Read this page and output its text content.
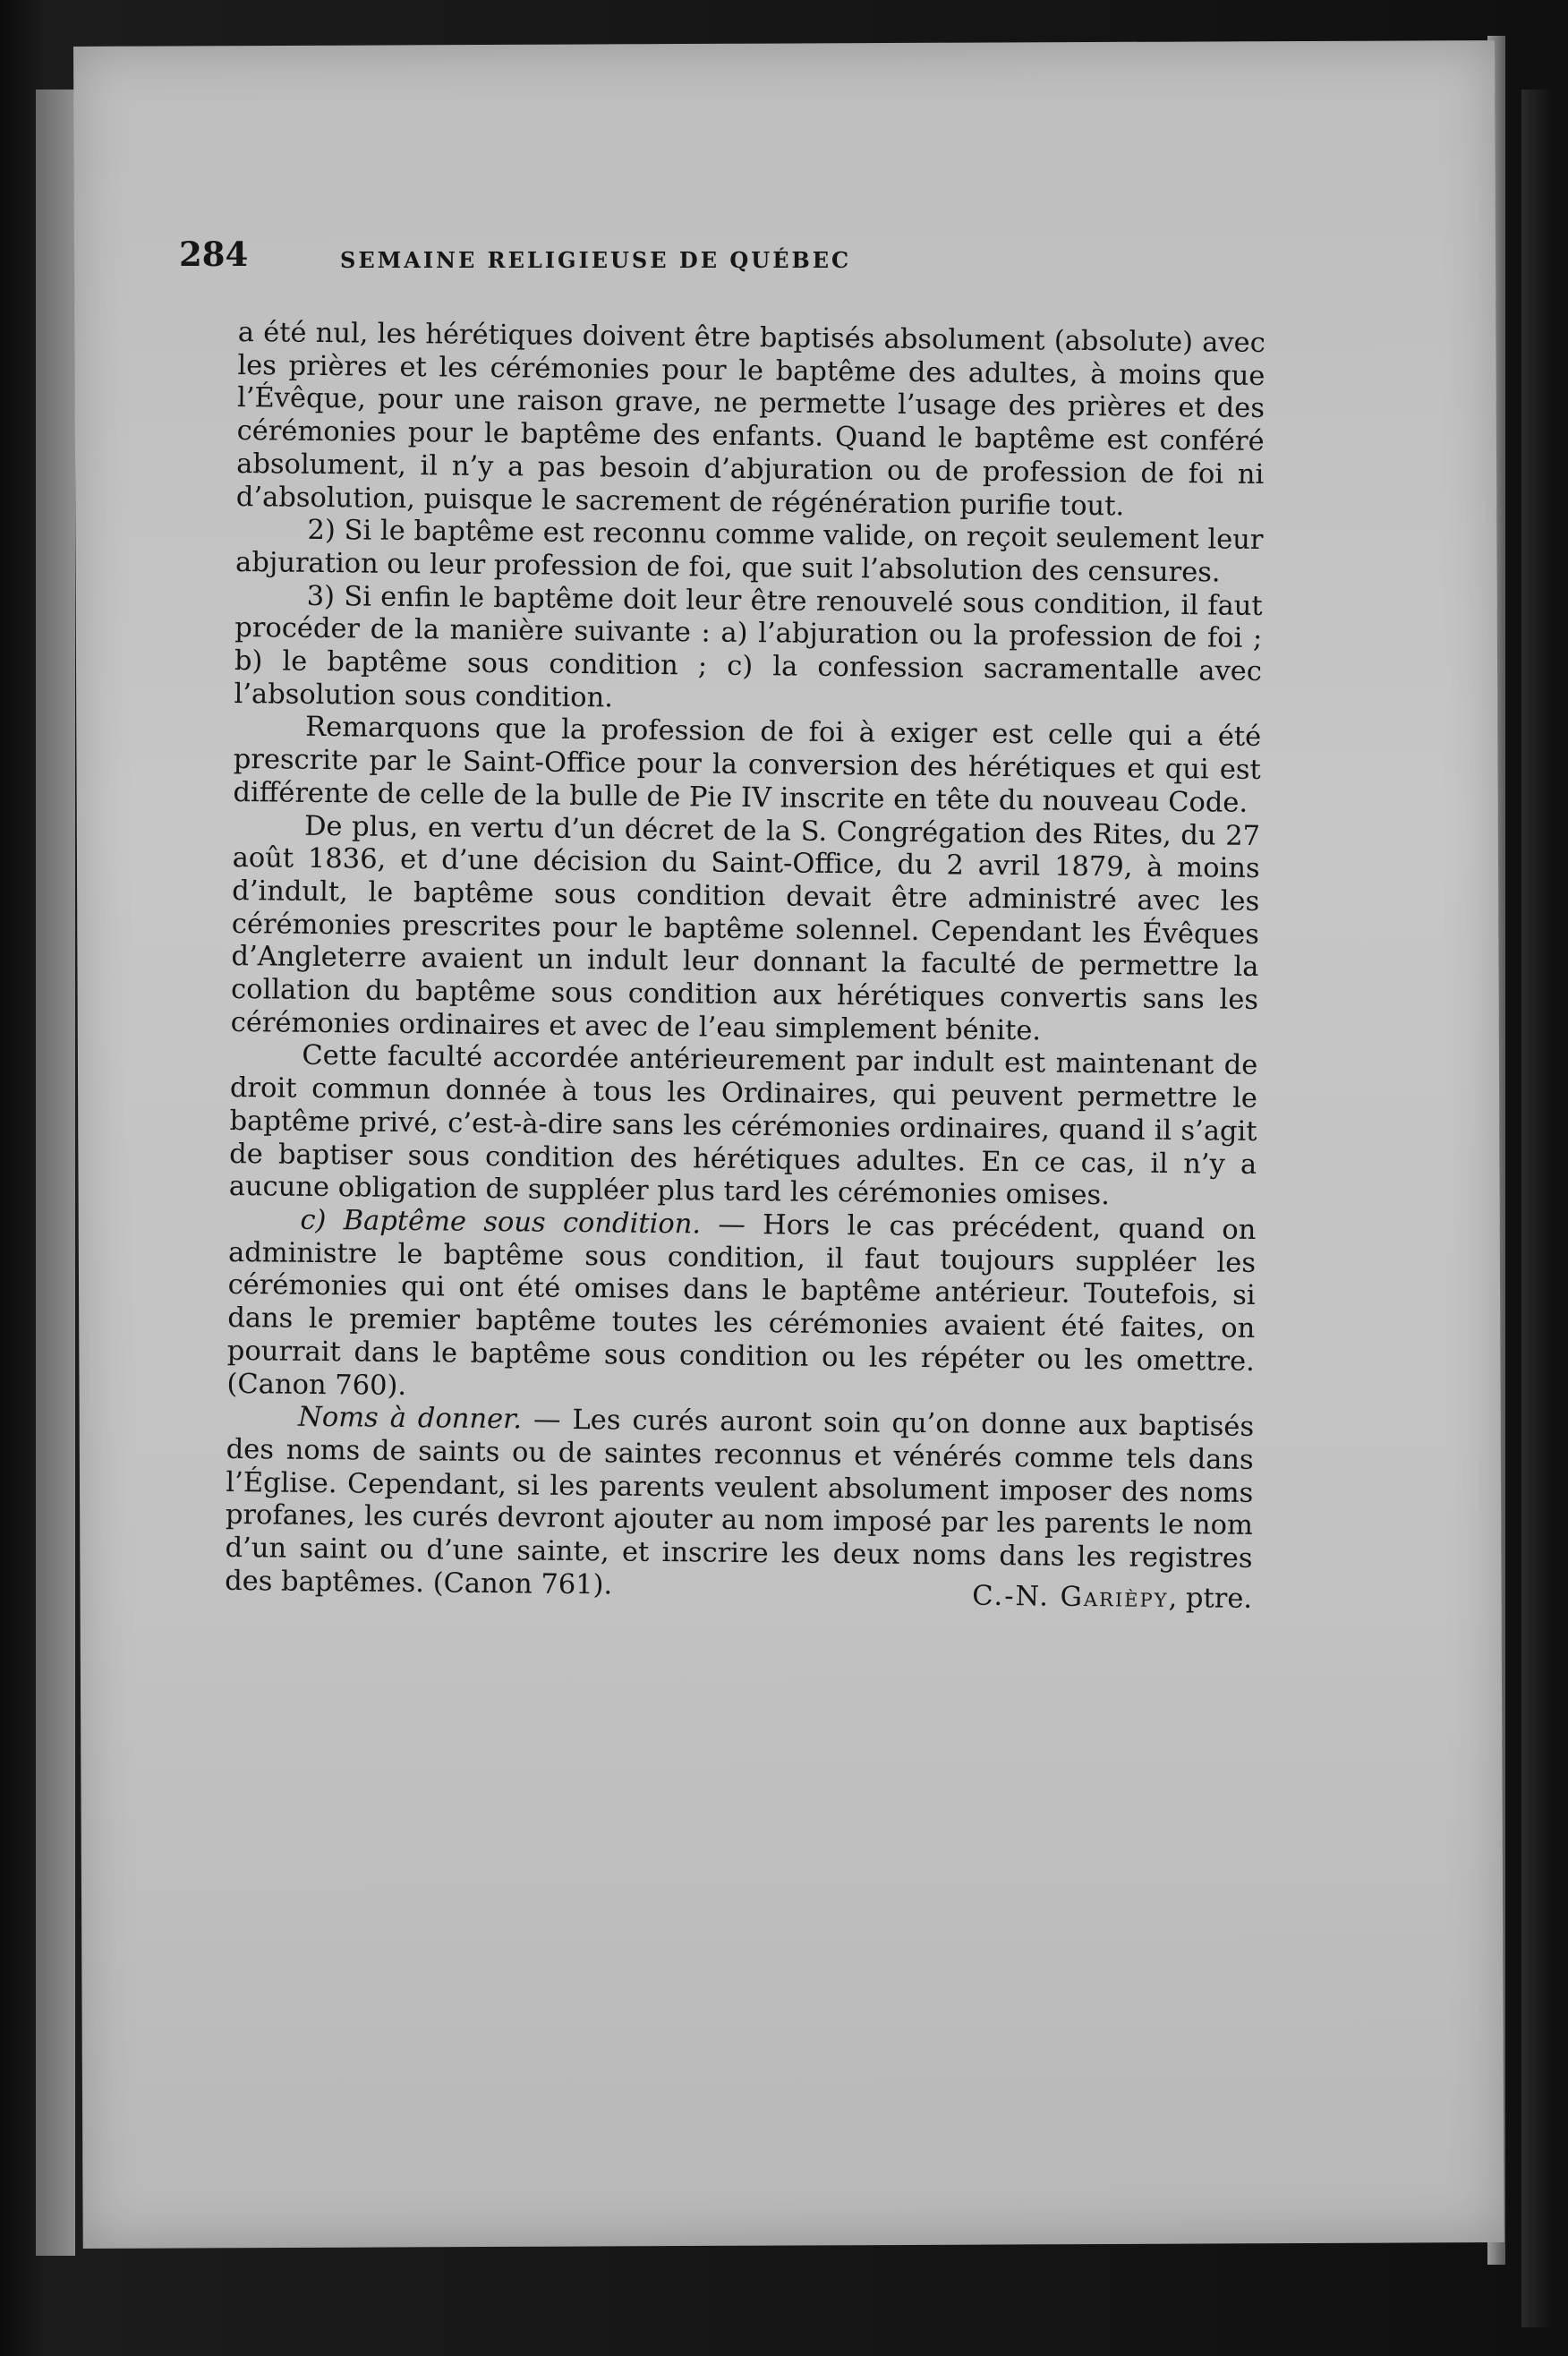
284	SEMAINE RELIGIEUSE DE QUÉBEC

a été nul, les hérétiques doivent être baptisés absolument (absolute) avec les prières et les cérémonies pour le baptême des adultes, à moins que l’Évêque, pour une raison grave, ne permette l’usage des prières et des cérémonies pour le baptême des enfants. Quand le baptême est conféré absolument, il n’y a pas besoin d’abjuration ou de profession de foi ni d’absolution, puisque le sacrement de régénération purifie tout.

2) Si le baptême est reconnu comme valide, on reçoit seulement leur abjuration ou leur profession de foi, que suit l’absolution des censures.

3) Si enfin le baptême doit leur être renouvelé sous condition, il faut procéder de la manière suivante : a) l’abjuration ou la profession de foi ; b) le baptême sous condition ; c) la confession sacramentalle avec l’absolution sous condition.

Remarquons que la profession de foi à exiger est celle qui a été prescrite par le Saint-Office pour la conversion des hérétiques et qui est différente de celle de la bulle de Pie IV inscrite en tête du nouveau Code.

De plus, en vertu d’un décret de la S. Congrégation des Rites, du 27 août 1836, et d’une décision du Saint-Office, du 2 avril 1879, à moins d’indult, le baptême sous condition devait être administré avec les cérémonies prescrites pour le baptême solennel. Cependant les Évêques d’Angleterre avaient un indult leur donnant la faculté de permettre la collation du baptême sous condition aux hérétiques convertis sans les cérémonies ordinaires et avec de l’eau simplement bénite.

Cette faculté accordée antérieurement par indult est maintenant de droit commun donnée à tous les Ordinaires, qui peuvent permettre le baptême privé, c’est-à-dire sans les cérémonies ordinaires, quand il s’agit de baptiser sous condition des hérétiques adultes. En ce cas, il n’y a aucune obligation de suppléer plus tard les cérémonies omises.

c) Baptême sous condition. — Hors le cas précédent, quand on administre le baptême sous condition, il faut toujours suppléer les cérémonies qui ont été omises dans le baptême antérieur. Toutefois, si dans le premier baptême toutes les cérémonies avaient été faites, on pourrait dans le baptême sous condition ou les répéter ou les omettre. (Canon 760).

Noms à donner. — Les curés auront soin qu’on donne aux baptisés des noms de saints ou de saintes reconnus et vénérés comme tels dans l’Église. Cependant, si les parents veulent absolument imposer des noms profanes, les curés devront ajouter au nom imposé par les parents le nom d’un saint ou d’une sainte, et inscrire les deux noms dans les registres des baptêmes. (Canon 761).	C.-N. Garièpy, ptre.
